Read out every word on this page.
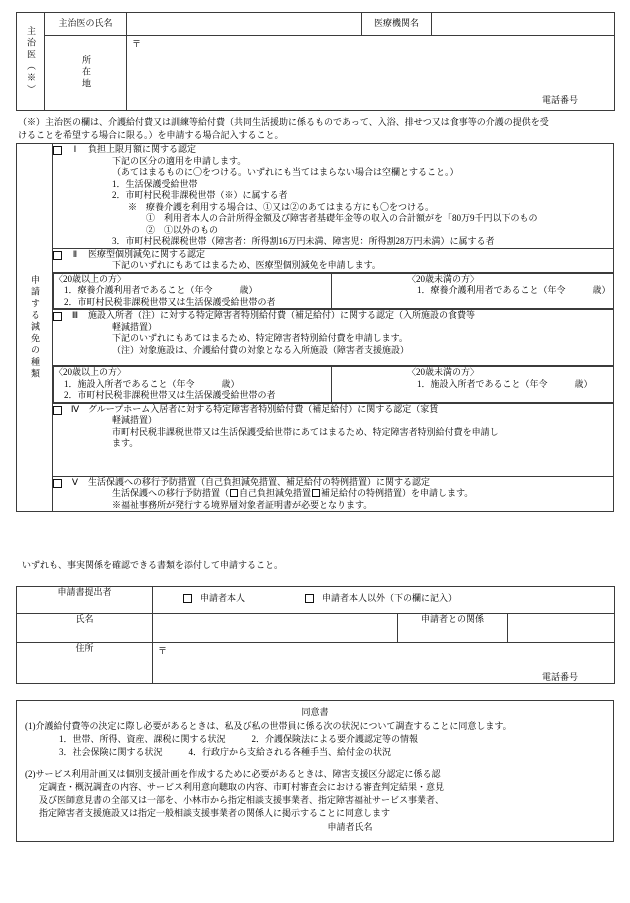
主治医（※）	主治医の氏名		医療機関名	

	所在地	〒
電話番号		
（※）主治医の欄は、介護給付費又は訓練等給付費（共同生活援助に係るものであって、入浴、排せつ又は食事等の介護の提供を受
けることを希望する場合に限る。）を申請する場合記入すること。
申請する減免の種類

Ⅰ	負担上限月額に関する認定
下記の区分の適用を申請します。
（あてはまるものに〇をつける。いずれにも当てはまらない場合は空欄とすること。）
1．生活保護受給世帯
2．市町村民税非課税世帯（※）に属する者
※　療養介護を利用する場合は、①又は②のあてはまる方にも〇をつける。
①　利用者本人の合計所得金額及び障害者基礎年金等の収入の合計額がを「80万9千円以下のもの
②　①以外のもの
3．市町村民税課税世帯（障害者：所得割16万円未満、障害児：所得割28万円未満）に属する者

Ⅱ	医療型個別減免に関する認定
下記のいずれにもあてはまるため、医療型個別減免を申請します。

〈20歳以上の方〉
1．療養介護利用者であること（年令　　　歳）
2．市町村民税非課税世帯又は生活保護受給世帯の者

〈20歳未満の方〉
1．療養介護利用者であること（年令　　　歳）

Ⅲ	施設入所者（注）に対する特定障害者特別給付費（補足給付）に関する認定（入所施設の食費等
軽減措置）
下記のいずれにもあてはまるため、特定障害者特別給付費を申請します。
（注）対象施設は、介護給付費の対象となる入所施設（障害者支援施設）

〈20歳以上の方〉
1．施設入所者であること（年令　　　歳）
2．市町村民税非課税世帯又は生活保護受給世帯の者

〈20歳未満の方〉
1．施設入所者であること（年令　　　歳）

Ⅳ グループホーム入居者に対する特定障害者特別給付費（補足給付）に関する認定（家賃
軽減措置）
市町村民税非課税世帯又は生活保護受給世帯にあてはまるため、特定障害者特別給付費を申請し
ます。

Ⅴ	生活保護への移行予防措置（自己負担減免措置、補足給付の特例措置）に関する認定
生活保護への移行予防措置（ 自己負担減免措置 補足給付の特例措置）を申請します。
※福祉事務所が発行する境界層対象者証明書が必要となります。
いずれも、事実関係を確認できる書類を添付して申請すること。
申請書提出者	申請者本人 申請者本人以外 （下の欄に記入）		

氏名		申請者との関係	
住所	〒
電話番号		
同意書
(1)介護給付費等の決定に際し必要があるときは、私及び私の世帯員に係る次の状況について調査することに同意します。
1．世帯、所得、資産、課税に関する状況	2．介護保険法による要介護認定等の情報
3．社会保険に関する状況	4．行政庁から支給される各種手当、給付金の状況
(2)サービス利用計画又は個別支援計画を作成するために必要があるときは、障害支援区分認定に係る認
定調査・概況調査の内容、サービス利用意向聴取の内容、市町村審査会における審査判定結果・意見
及び医師意見書の全部又は一部を、小林市から指定相談支援事業者、指定障害福祉サービス事業者、
指定障害者支援施設又は指定一般相談支援事業者の関係人に掲示することに同意します
申請者氏名
